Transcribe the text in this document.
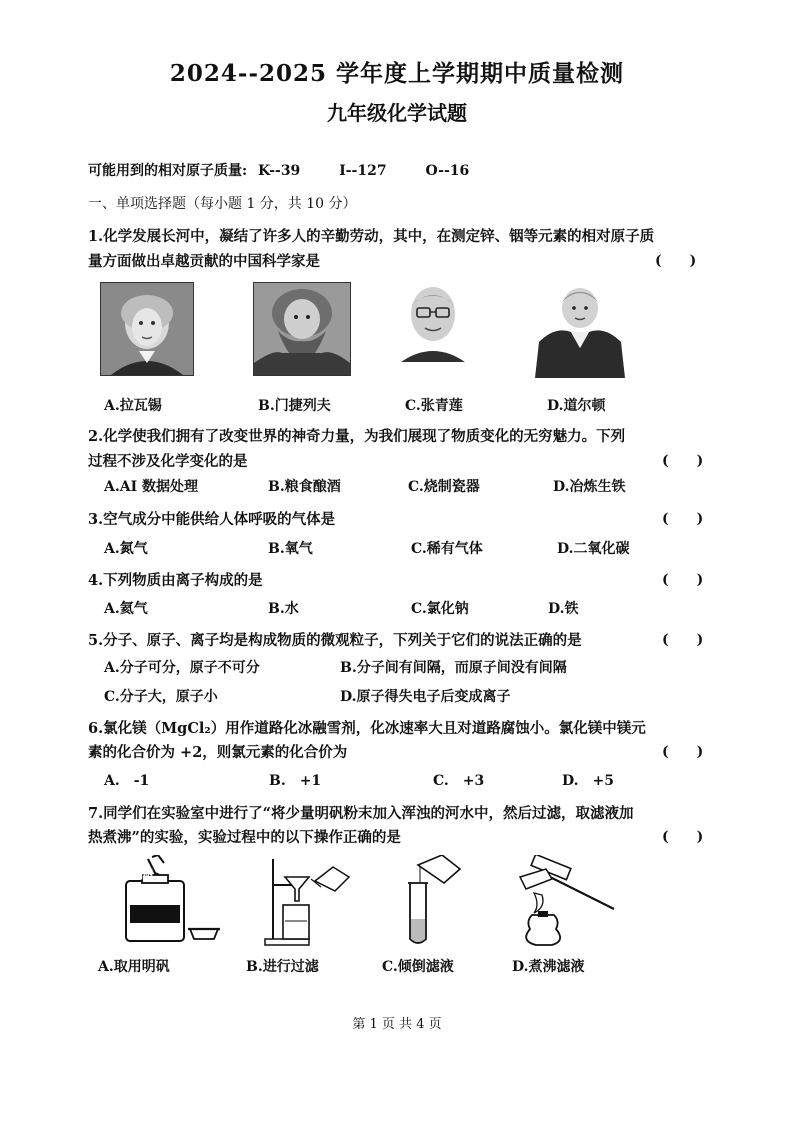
2024--2025 学年度上学期期中质量检测
九年级化学试题
可能用到的相对原子质量: K--39	I--127	O--16
一、单项选择题（每小题 1 分，共 10 分）
1.化学发展长河中，凝结了许多人的辛勤劳动，其中，在测定锌、铟等元素的相对原子质
量方面做出卓越贡献的中国科学家是	(　　)
A.拉瓦锡	B.门捷列夫	C.张青莲	D.道尔顿
2.化学使我们拥有了改变世界的神奇力量，为我们展现了物质变化的无穷魅力。下列
过程不涉及化学变化的是	(　　)
A.AI 数据处理	B.粮食酿酒	C.烧制瓷器	D.冶炼生铁
3.空气成分中能供给人体呼吸的气体是	(　　)
A.氮气	B.氧气	C.稀有气体	D.二氧化碳
4.下列物质由离子构成的是	(　　)
A.氦气	B.水	C.氯化钠	D.铁
5.分子、原子、离子均是构成物质的微观粒子，下列关于它们的说法正确的是	(　　)
A.分子可分，原子不可分	B.分子间有间隔，而原子间没有间隔
C.分子大，原子小	D.原子得失电子后变成离子
6.氯化镁（MgCl₂）用作道路化冰融雪剂，化冰速率大且对道路腐蚀小。氯化镁中镁元
素的化合价为 +2，则氯元素的化合价为	(　　)
A.　-1	B.　+1	C.　+3	D.　+5
7.同学们在实验室中进行了“将少量明矾粉末加入浑浊的河水中，然后过滤，取滤液加
热煮沸”的实验，实验过程中的以下操作正确的是	(　　)
明矾
A.取用明矾	B.进行过滤	C.倾倒滤液	D.煮沸滤液
第 1 页 共 4 页
